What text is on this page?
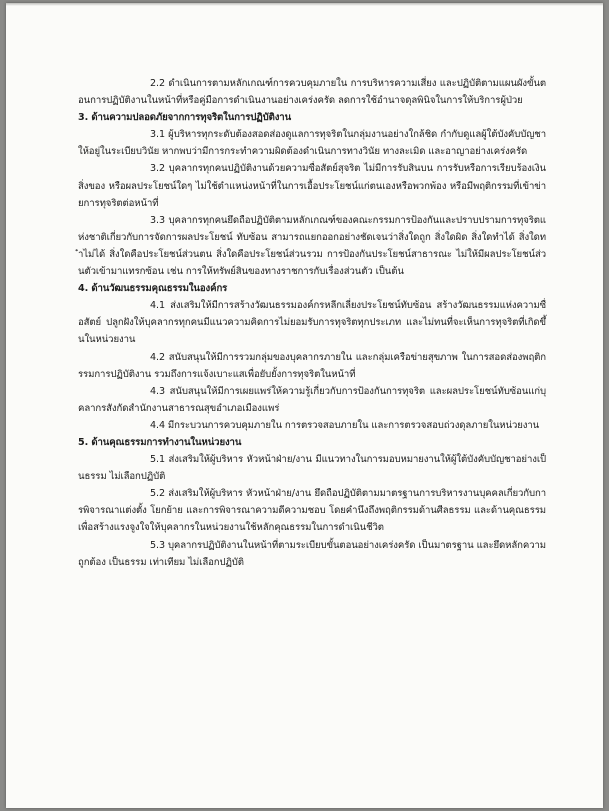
2.2 ดำเนินการตามหลักเกณฑ์การควบคุมภายใน การบริหารความเสี่ยง และปฏิบัติตามแผนผังขั้นตอนการปฏิบัติงานในหน้าที่หรือคู่มือการดำเนินงานอย่างเคร่งครัด ลดการใช้อำนาจดุลพินิจในการให้บริการผู้ป่วย

3. ด้านความปลอดภัยจากการทุจริตในการปฏิบัติงาน

3.1 ผู้บริหารทุกระดับต้องสอดส่องดูแลการทุจริตในกลุ่มงานอย่างใกล้ชิด กำกับดูแลผู้ใต้บังคับบัญชาให้อยู่ในระเบียบวินัย หากพบว่ามีการกระทำความผิดต้องดำเนินการทางวินัย ทางละเมิด และอาญาอย่างเคร่งครัด

3.2 บุคลากรทุกคนปฏิบัติงานด้วยความซื่อสัตย์สุจริต ไม่มีการรับสินบน การรับหรือการเรียบร้องเงินสิ่งของ หรือผลประโยชน์ใดๆ ไม่ใช้ตำแหน่งหน้าที่ในการเอื้อประโยชน์แก่ตนเองหรือพวกพ้อง หรือมีพฤติกรรมที่เข้าข่ายการทุจริตต่อหน้าที่

3.3 บุคลากรทุกคนยึดถือปฏิบัติตามหลักเกณฑ์ของคณะกรรมการป้องกันและปราบปรามการทุจริตแห่งชาติเกี่ยวกับการจัดการผลประโยชน์ ทับซ้อน สามารถแยกออกอย่างชัดเจนว่าสิ่งใดถูก สิ่งใดผิด สิ่งใดทำได้ สิ่งใดทำไม่ได้ สิ่งใดคือประโยชน์ส่วนตน สิ่งใดคือประโยชน์ส่วนรวม การป้องกันประโยชน์สาธารณะ ไม่ให้มีผลประโยชน์ส่วนตัวเข้ามาแทรกซ้อน เช่น การให้ทรัพย์สินของทางราชการกับเรื่องส่วนตัว เป็นต้น

4. ด้านวัฒนธรรมคุณธรรมในองค์กร

4.1 ส่งเสริมให้มีการสร้างวัฒนธรรมองค์กรหลีกเลี่ยงประโยชน์ทับซ้อน สร้างวัฒนธรรมแห่งความซื่อสัตย์ ปลูกฝังให้บุคลากรทุกคนมีแนวความคิดการไม่ยอมรับการทุจริตทุกประเภท และไม่ทนที่จะเห็นการทุจริตที่เกิดขึ้นในหน่วยงาน

4.2 สนับสนุนให้มีการรวมกลุ่มของบุคลากรภายใน และกลุ่มเครือข่ายสุขภาพ ในการสอดส่องพฤติกรรมการปฏิบัติงาน รวมถึงการแจ้งเบาะแสเพื่อยับยั้งการทุจริตในหน้าที่

4.3 สนับสนุนให้มีการเผยแพร่ให้ความรู้เกี่ยวกับการป้องกันการทุจริต และผลประโยชน์ทับซ้อนแก่บุคลากรสังกัดสำนักงานสาธารณสุขอำเภอเมืองแพร่

4.4 มีกระบวนการควบคุมภายใน การตรวจสอบภายใน และการตรวจสอบถ่วงดุลภายในหน่วยงาน

5. ด้านคุณธรรมการทำงานในหน่วยงาน

5.1 ส่งเสริมให้ผู้บริหาร หัวหน้าฝ่าย/งาน มีแนวทางในการมอบหมายงานให้ผู้ใต้บังคับบัญชาอย่างเป็นธรรม ไม่เลือกปฏิบัติ

5.2 ส่งเสริมให้ผู้บริหาร หัวหน้าฝ่าย/งาน ยึดถือปฏิบัติตามมาตรฐานการบริหารงานบุคคลเกี่ยวกับการพิจารณาแต่งตั้ง โยกย้าย และการพิจารณาความดีความชอบ โดยคำนึงถึงพฤติกรรมด้านศีลธรรม และด้านคุณธรรม เพื่อสร้างแรงจูงใจให้บุคลากรในหน่วยงานใช้หลักคุณธรรมในการดำเนินชีวิต

5.3 บุคลากรปฏิบัติงานในหน้าที่ตามระเบียบขั้นตอนอย่างเคร่งครัด เป็นมาตรฐาน และยึดหลักความถูกต้อง เป็นธรรม เท่าเทียม ไม่เลือกปฏิบัติ
